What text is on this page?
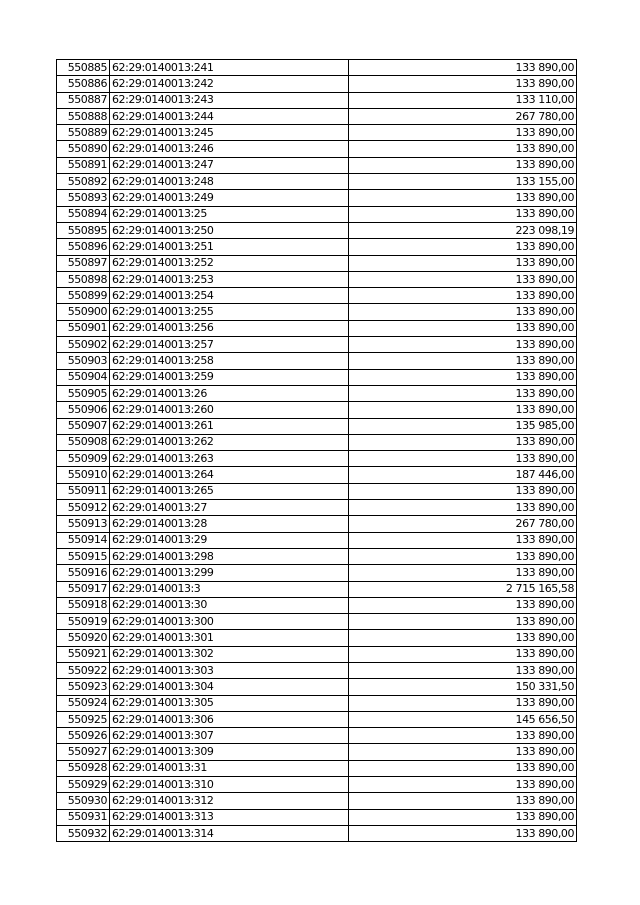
550885	62:29:0140013:241	133 890,00
550886	62:29:0140013:242	133 890,00
550887	62:29:0140013:243	133 110,00
550888	62:29:0140013:244	267 780,00
550889	62:29:0140013:245	133 890,00
550890	62:29:0140013:246	133 890,00
550891	62:29:0140013:247	133 890,00
550892	62:29:0140013:248	133 155,00
550893	62:29:0140013:249	133 890,00
550894	62:29:0140013:25	133 890,00
550895	62:29:0140013:250	223 098,19
550896	62:29:0140013:251	133 890,00
550897	62:29:0140013:252	133 890,00
550898	62:29:0140013:253	133 890,00
550899	62:29:0140013:254	133 890,00
550900	62:29:0140013:255	133 890,00
550901	62:29:0140013:256	133 890,00
550902	62:29:0140013:257	133 890,00
550903	62:29:0140013:258	133 890,00
550904	62:29:0140013:259	133 890,00
550905	62:29:0140013:26	133 890,00
550906	62:29:0140013:260	133 890,00
550907	62:29:0140013:261	135 985,00
550908	62:29:0140013:262	133 890,00
550909	62:29:0140013:263	133 890,00
550910	62:29:0140013:264	187 446,00
550911	62:29:0140013:265	133 890,00
550912	62:29:0140013:27	133 890,00
550913	62:29:0140013:28	267 780,00
550914	62:29:0140013:29	133 890,00
550915	62:29:0140013:298	133 890,00
550916	62:29:0140013:299	133 890,00
550917	62:29:0140013:3	2 715 165,58
550918	62:29:0140013:30	133 890,00
550919	62:29:0140013:300	133 890,00
550920	62:29:0140013:301	133 890,00
550921	62:29:0140013:302	133 890,00
550922	62:29:0140013:303	133 890,00
550923	62:29:0140013:304	150 331,50
550924	62:29:0140013:305	133 890,00
550925	62:29:0140013:306	145 656,50
550926	62:29:0140013:307	133 890,00
550927	62:29:0140013:309	133 890,00
550928	62:29:0140013:31	133 890,00
550929	62:29:0140013:310	133 890,00
550930	62:29:0140013:312	133 890,00
550931	62:29:0140013:313	133 890,00
550932	62:29:0140013:314	133 890,00
